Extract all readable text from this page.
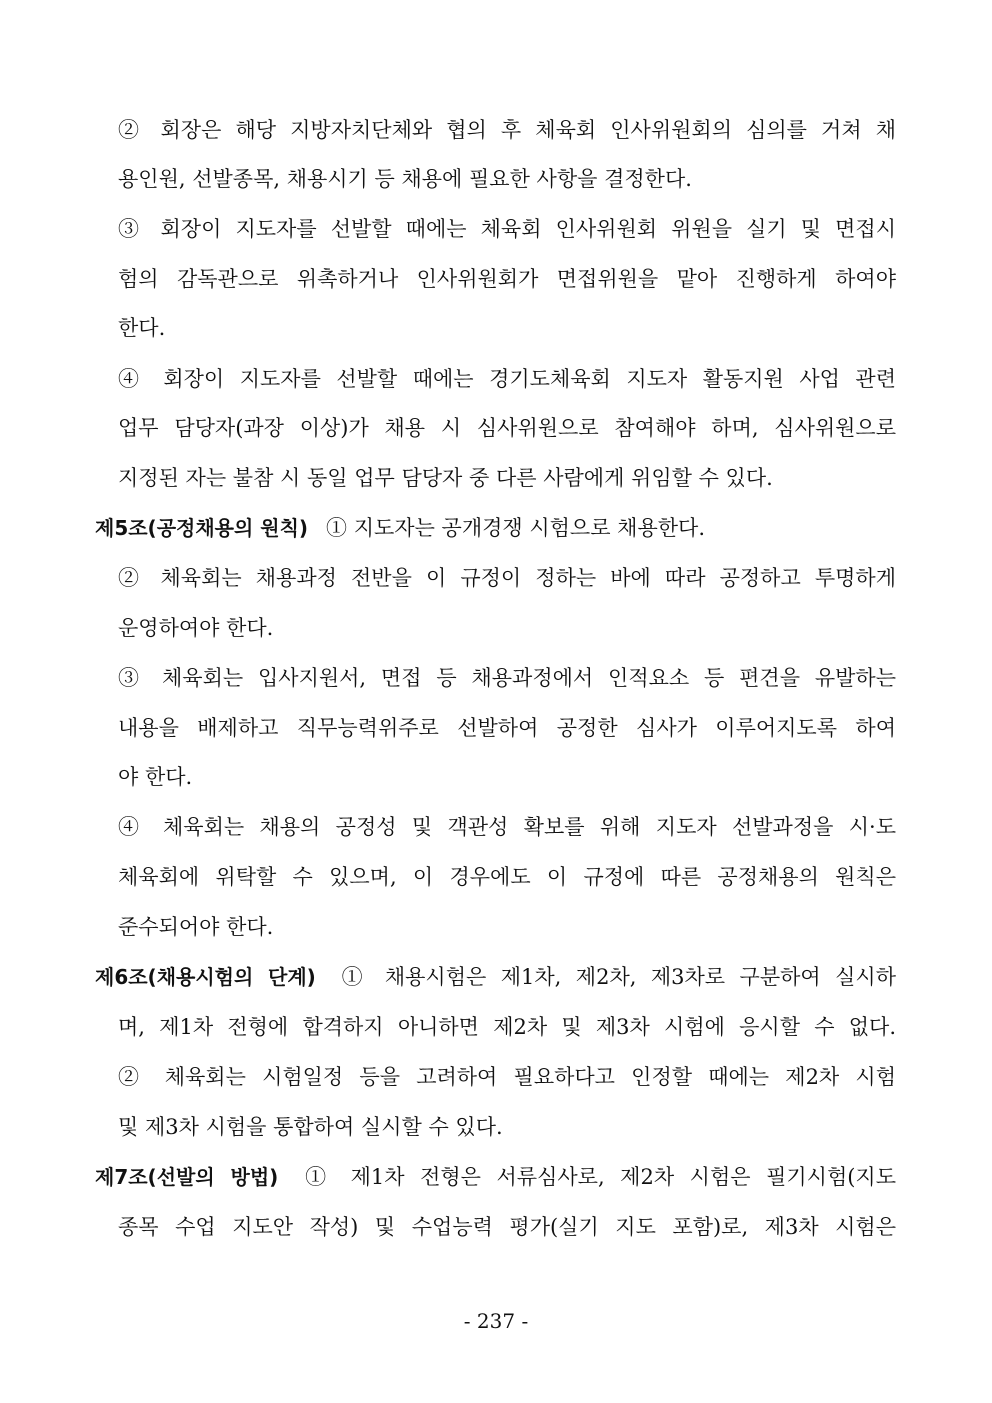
② 회장은 해당 지방자치단체와 협의 후 체육회 인사위원회의 심의를 거쳐 채
용인원, 선발종목, 채용시기 등 채용에 필요한 사항을 결정한다.
③ 회장이 지도자를 선발할 때에는 체육회 인사위원회 위원을 실기 및 면접시
험의 감독관으로 위촉하거나 인사위원회가 면접위원을 맡아 진행하게 하여야
한다.
④ 회장이 지도자를 선발할 때에는 경기도체육회 지도자 활동지원 사업 관련
업무 담당자(과장 이상)가 채용 시 심사위원으로 참여해야 하며, 심사위원으로
지정된 자는 불참 시 동일 업무 담당자 중 다른 사람에게 위임할 수 있다.
제5조(공정채용의 원칙) ① 지도자는 공개경쟁 시험으로 채용한다.
② 체육회는 채용과정 전반을 이 규정이 정하는 바에 따라 공정하고 투명하게
운영하여야 한다.
③ 체육회는 입사지원서, 면접 등 채용과정에서 인적요소 등 편견을 유발하는
내용을 배제하고 직무능력위주로 선발하여 공정한 심사가 이루어지도록 하여
야 한다.
④ 체육회는 채용의 공정성 및 객관성 확보를 위해 지도자 선발과정을 시·도
체육회에 위탁할 수 있으며, 이 경우에도 이 규정에 따른 공정채용의 원칙은
준수되어야 한다.
제6조(채용시험의 단계) ① 채용시험은 제1차, 제2차, 제3차로 구분하여 실시하
며, 제1차 전형에 합격하지 아니하면 제2차 및 제3차 시험에 응시할 수 없다.
② 체육회는 시험일정 등을 고려하여 필요하다고 인정할 때에는 제2차 시험
및 제3차 시험을 통합하여 실시할 수 있다.
제7조(선발의 방법) ① 제1차 전형은 서류심사로, 제2차 시험은 필기시험(지도
종목 수업 지도안 작성) 및 수업능력 평가(실기 지도 포함)로, 제3차 시험은
- 237 -
